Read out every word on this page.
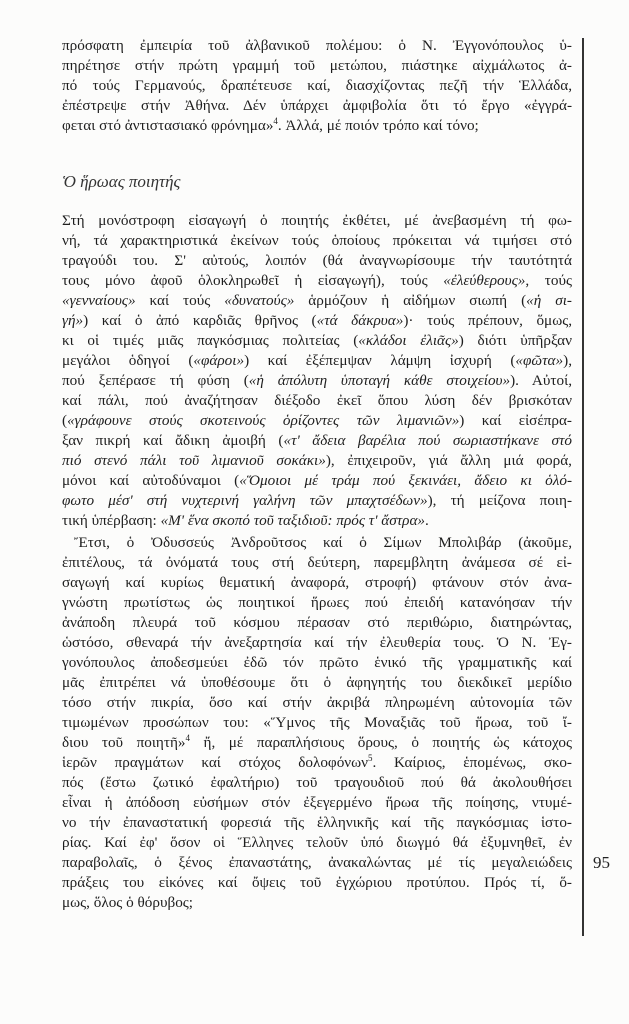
πρόσφατη ἐμπειρία τοῦ ἀλβανικοῦ πολέμου: ὁ Ν. Ἐγγονόπουλος ὑ-
πηρέτησε στήν πρώτη γραμμή τοῦ μετώπου, πιάστηκε αἰχμάλωτος ἀ-
πό τούς Γερμανούς, δραπέτευσε καί, διασχίζοντας πεζῆ τήν Ἑλλάδα,
ἐπέστρεψε στήν Ἀθήνα. Δέν ὑπάρχει ἀμφιβολία ὅτι τό ἔργο «ἐγγρά-
φεται στό ἀντιστασιακό φρόνημα»$^4$. Ἀλλά, μέ ποιόν τρόπο καί τόνο;
Ὁ ἥρωας ποιητής
Στή μονόστροφη εἰσαγωγή ὁ ποιητής ἐκθέτει, μέ ἀνεβασμένη τή φω-
νή, τά χαρακτηριστικά ἐκείνων τούς ὁποίους πρόκειται νά τιμήσει στό
τραγούδι του. Σ' αὐτούς, λοιπόν (θά ἀναγνωρίσουμε τήν ταυτότητά
τους μόνο ἀφοῦ ὁλοκληρωθεῖ ἡ εἰσαγωγή), τούς «ἐλεύθερους», τούς
«γενναίους» καί τούς «δυνατούς» ἁρμόζουν ἡ αἰδήμων σιωπή («ἡ σι-
γή») καί ὁ ἀπό καρδιᾶς θρῆνος («τά δάκρυα»)· τούς πρέπουν, ὅμως,
κι οἱ τιμές μιᾶς παγκόσμιας πολιτείας («κλάδοι ἐλιᾶς») διότι ὑπῆρξαν
μεγάλοι ὁδηγοί («φάροι») καί ἐξέπεμψαν λάμψη ἰσχυρή («φῶτα»),
πού ξεπέρασε τή φύση («ἡ ἀπόλυτη ὑποταγή κάθε στοιχείου»). Αὐτοί,
καί πάλι, πού ἀναζήτησαν διέξοδο ἐκεῖ ὅπου λύση δέν βρισκόταν
(«γράφουνε στούς σκοτεινούς ὁρίζοντες τῶν λιμανιῶν») καί εἰσέπρα-
ξαν πικρή καί ἄδικη ἀμοιβή («τ' ἄδεια βαρέλια πού σωριαστήκανε στό
πιό στενό πάλι τοῦ λιμανιοῦ σοκάκι»), ἐπιχειροῦν, γιά ἄλλη μιά φορά,
μόνοι καί αὐτοδύναμοι («Ὅμοιοι μέ τράμ πού ξεκινάει, ἄδειο κι ὁλό-
φωτο μέσ' στή νυχτερινή γαλήνη τῶν μπαχτσέδων»), τή μείζονα ποιη-
τική ὑπέρβαση: «Μ' ἕνα σκοπό τοῦ ταξιδιοῦ: πρός τ' ἄστρα».
Ἔτσι, ὁ Ὀδυσσεύς Ἀνδροῦτσος καί ὁ Σίμων Μπολιβάρ (ἀκοῦμε,
ἐπιτέλους, τά ὀνόματά τους στή δεύτερη, παρεμβλητη ἀνάμεσα σέ εἰ-
σαγωγή καί κυρίως θεματική ἀναφορά, στροφή) φτάνουν στόν ἀνα-
γνώστη πρωτίστως ὡς ποιητικοί ἥρωες πού ἐπειδή κατανόησαν τήν
ἀνάποδη πλευρά τοῦ κόσμου πέρασαν στό περιθώριο, διατηρώντας,
ὡστόσο, σθεναρά τήν ἀνεξαρτησία καί τήν ἐλευθερία τους. Ὁ Ν. Ἐγ-
γονόπουλος ἀποδεσμεύει ἐδῶ τόν πρῶτο ἑνικό τῆς γραμματικῆς καί
μᾶς ἐπιτρέπει νά ὑποθέσουμε ὅτι ὁ ἀφηγητής του διεκδικεῖ μερίδιο
τόσο στήν πικρία, ὅσο καί στήν ἀκριβά πληρωμένη αὐτονομία τῶν
τιμωμένων προσώπων του: «Ὕμνος τῆς Μοναξιᾶς τοῦ ἥρωα, τοῦ ἴ-
διου τοῦ ποιητῆ»$^4$ ἤ, μέ παραπλήσιους ὅρους, ὁ ποιητής ὡς κάτοχος
ἱερῶν πραγμάτων καί στόχος δολοφόνων$^5$. Καίριος, ἑπομένως, σκο-
πός (ἔστω ζωτικό ἐφαλτήριο) τοῦ τραγουδιοῦ πού θά ἀκολουθήσει
εἶναι ἡ ἀπόδοση εὐσήμων στόν ἐξεγερμένο ἥρωα τῆς ποίησης, ντυμέ-
νο τήν ἐπαναστατική φορεσιά τῆς ἑλληνικῆς καί τῆς παγκόσμιας ἱστο-
ρίας. Καί ἐφ' ὅσον οἱ Ἕλληνες τελοῦν ὑπό διωγμό θά ἐξυμνηθεῖ, ἐν
παραβολαῖς, ὁ ξένος ἐπαναστάτης, ἀνακαλώντας μέ τίς μεγαλειώδεις
πράξεις του εἰκόνες καί ὄψεις τοῦ ἐγχώριου προτύπου. Πρός τί, ὅ-
μως, ὅλος ὁ θόρυβος;
95
